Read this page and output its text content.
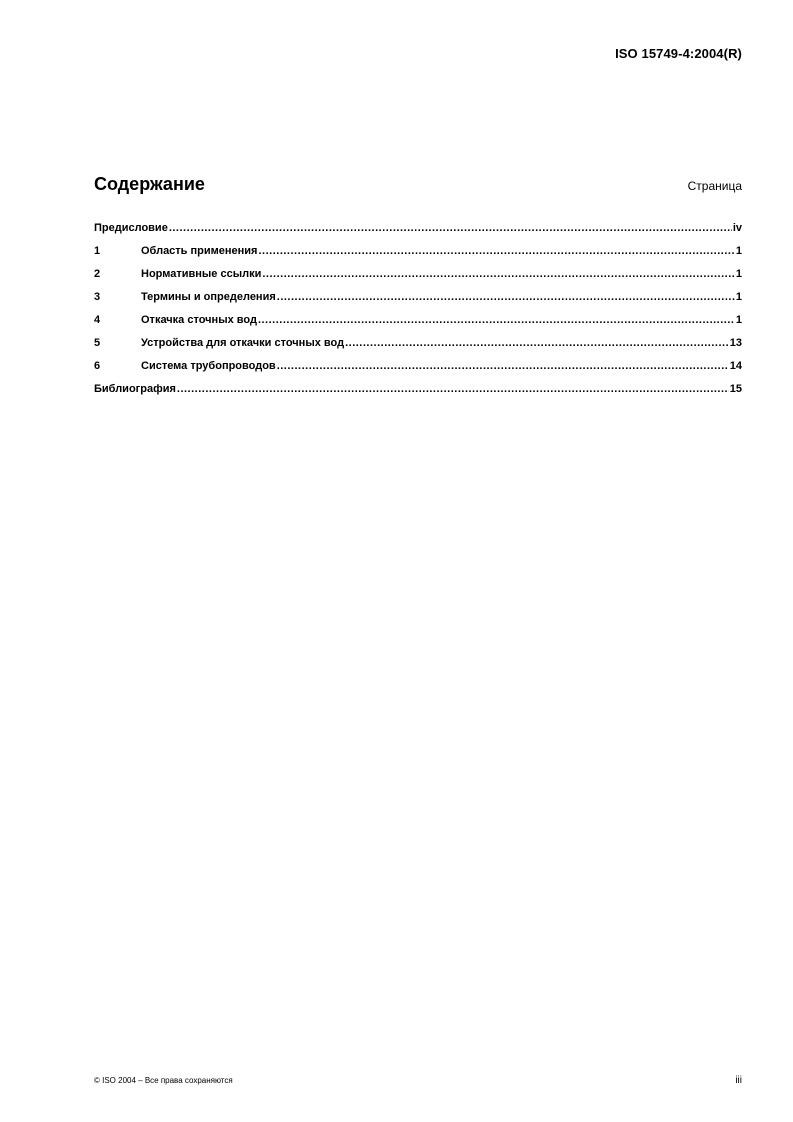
ISO 15749-4:2004(R)
Содержание	Страница
Предисловие .....	iv
1	Область применения .....	1
2	Нормативные ссылки .....	1
3	Термины и определения .....	1
4	Откачка сточных вод .....	1
5	Устройства для откачки сточных вод .....	13
6	Система трубопроводов .....	14
Библиография .....	15
© ISO 2004 – Все права сохраняются	iii
